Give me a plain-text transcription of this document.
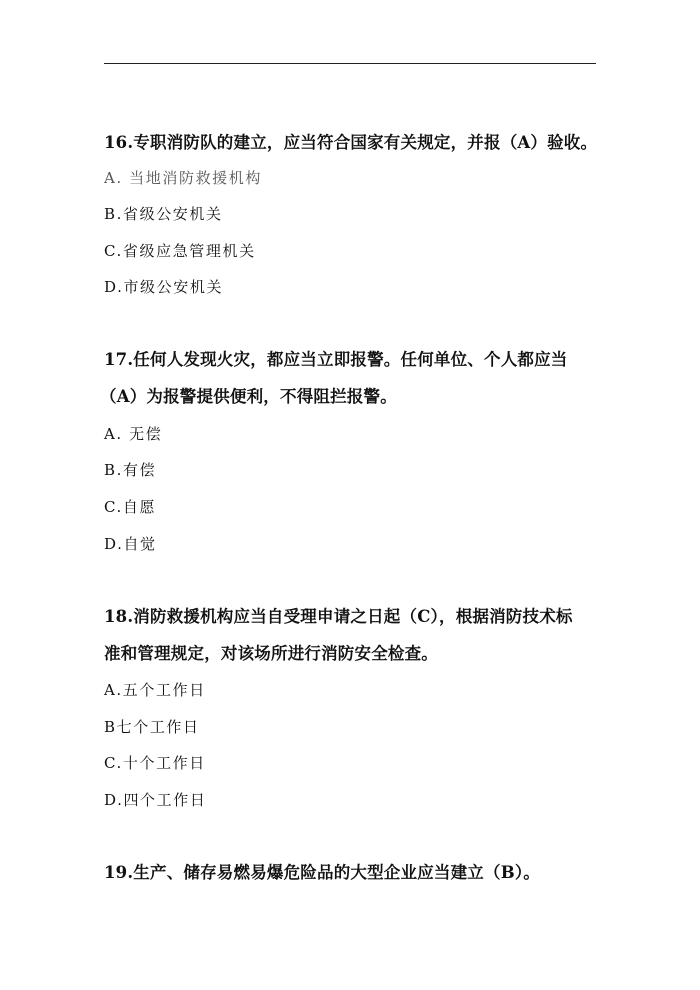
16.专职消防队的建立，应当符合国家有关规定，并报（A）验收。
A. 当地消防救援机构
B.省级公安机关
C.省级应急管理机关
D.市级公安机关
17.任何人发现火灾，都应当立即报警。任何单位、个人都应当
（A）为报警提供便利，不得阻拦报警。
A. 无偿
B.有偿
C.自愿
D.自觉
18.消防救援机构应当自受理申请之日起（C），根据消防技术标
准和管理规定，对该场所进行消防安全检查。
A.五个工作日
B七个工作日
C.十个工作日
D.四个工作日
19.生产、储存易燃易爆危险品的大型企业应当建立（B）。
